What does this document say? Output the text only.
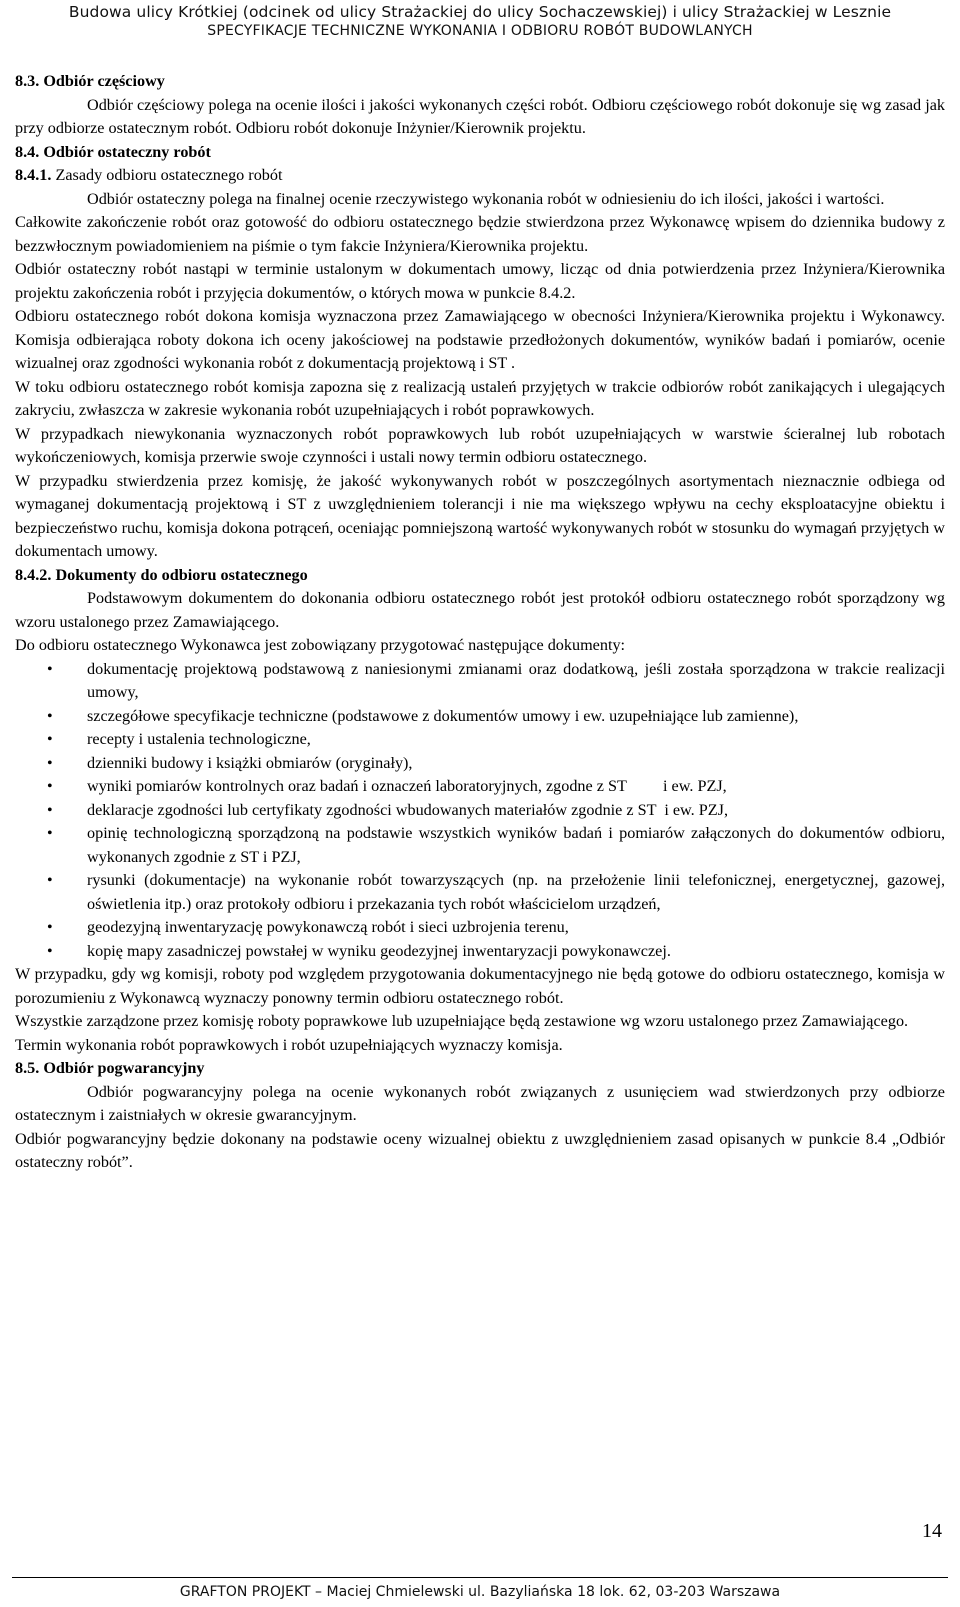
Budowa ulicy Krótkiej (odcinek od ulicy Strażackiej do ulicy Sochaczewskiej) i ulicy Strażackiej w Lesznie
SPECYFIKACJE TECHNICZNE WYKONANIA I ODBIORU ROBÓT BUDOWLANYCH

8.3. Odbiór częściowy

Odbiór częściowy polega na ocenie ilości i jakości wykonanych części robót. Odbioru częściowego robót dokonuje się wg zasad jak przy odbiorze ostatecznym robót. Odbioru robót dokonuje Inżynier/Kierownik projektu.

8.4. Odbiór ostateczny robót

8.4.1. Zasady odbioru ostatecznego robót

Odbiór ostateczny polega na finalnej ocenie rzeczywistego wykonania robót w odniesieniu do ich ilości, jakości i wartości.

Całkowite zakończenie robót oraz gotowość do odbioru ostatecznego będzie stwierdzona przez Wykonawcę wpisem do dziennika budowy z bezzwłocznym powiadomieniem na piśmie o tym fakcie Inżyniera/Kierownika projektu.

Odbiór ostateczny robót nastąpi w terminie ustalonym w dokumentach umowy, licząc od dnia potwierdzenia przez Inżyniera/Kierownika projektu zakończenia robót i przyjęcia dokumentów, o których mowa w punkcie 8.4.2.

Odbioru ostatecznego robót dokona komisja wyznaczona przez Zamawiającego w obecności Inżyniera/Kierownika projektu i Wykonawcy. Komisja odbierająca roboty dokona ich oceny jakościowej na podstawie przedłożonych dokumentów, wyników badań i pomiarów, ocenie wizualnej oraz zgodności wykonania robót z dokumentacją projektową i ST .

W toku odbioru ostatecznego robót komisja zapozna się z realizacją ustaleń przyjętych w trakcie odbiorów robót zanikających i ulegających zakryciu, zwłaszcza w zakresie wykonania robót uzupełniających i robót poprawkowych.

W przypadkach niewykonania wyznaczonych robót poprawkowych lub robót uzupełniających w warstwie ścieralnej lub robotach wykończeniowych, komisja przerwie swoje czynności i ustali nowy termin odbioru ostatecznego.

W przypadku stwierdzenia przez komisję, że jakość wykonywanych robót w poszczególnych asortymentach nieznacznie odbiega od wymaganej dokumentacją projektową i ST z uwzględnieniem tolerancji i nie ma większego wpływu na cechy eksploatacyjne obiektu i bezpieczeństwo ruchu, komisja dokona potrąceń, oceniając pomniejszoną wartość wykonywanych robót w stosunku do wymagań przyjętych w dokumentach umowy.

8.4.2. Dokumenty do odbioru ostatecznego

Podstawowym dokumentem do dokonania odbioru ostatecznego robót jest protokół odbioru ostatecznego robót sporządzony wg wzoru ustalonego przez Zamawiającego.

Do odbioru ostatecznego Wykonawca jest zobowiązany przygotować następujące dokumenty:

• dokumentację projektową podstawową z naniesionymi zmianami oraz dodatkową, jeśli została sporządzona w trakcie realizacji umowy,
• szczegółowe specyfikacje techniczne (podstawowe z dokumentów umowy i ew. uzupełniające lub zamienne),
• recepty i ustalenia technologiczne,
• dzienniki budowy i książki obmiarów (oryginały),
• wyniki pomiarów kontrolnych oraz badań i oznaczeń laboratoryjnych, zgodne z ST         i ew. PZJ,
• deklaracje zgodności lub certyfikaty zgodności wbudowanych materiałów zgodnie z ST  i ew. PZJ,
• opinię technologiczną sporządzoną na podstawie wszystkich wyników badań i pomiarów załączonych do dokumentów odbioru, wykonanych zgodnie z ST i PZJ,
• rysunki (dokumentacje) na wykonanie robót towarzyszących (np. na przełożenie linii telefonicznej, energetycznej, gazowej, oświetlenia itp.) oraz protokoły odbioru i przekazania tych robót właścicielom urządzeń,
• geodezyjną inwentaryzację powykonawczą robót i sieci uzbrojenia terenu,
• kopię mapy zasadniczej powstałej w wyniku geodezyjnej inwentaryzacji powykonawczej.

W przypadku, gdy wg komisji, roboty pod względem przygotowania dokumentacyjnego nie będą gotowe do odbioru ostatecznego, komisja w porozumieniu z Wykonawcą wyznaczy ponowny termin odbioru ostatecznego robót.

Wszystkie zarządzone przez komisję roboty poprawkowe lub uzupełniające będą zestawione wg wzoru ustalonego przez Zamawiającego.

Termin wykonania robót poprawkowych i robót uzupełniających wyznaczy komisja.

8.5. Odbiór pogwarancyjny

Odbiór pogwarancyjny polega na ocenie wykonanych robót związanych z usunięciem wad stwierdzonych przy odbiorze ostatecznym i zaistniałych w okresie gwarancyjnym.

Odbiór pogwarancyjny będzie dokonany na podstawie oceny wizualnej obiektu z uwzględnieniem zasad opisanych w punkcie 8.4 „Odbiór ostateczny robót”.

14
GRAFTON PROJEKT – Maciej Chmielewski ul. Bazyliańska 18 lok. 62, 03-203 Warszawa
